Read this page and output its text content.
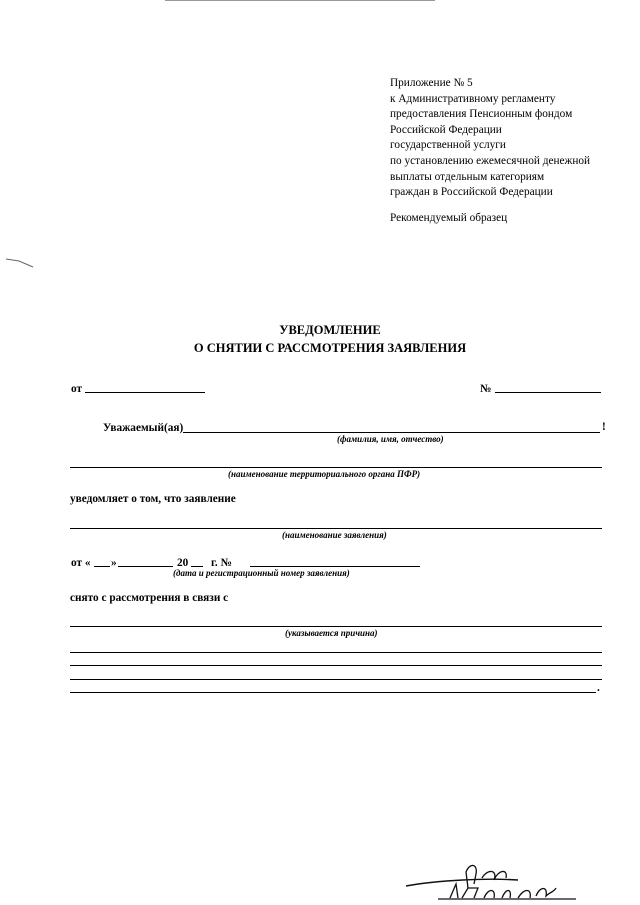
Приложение № 5
к Административному регламенту
предоставления Пенсионным фондом
Российской Федерации
государственной услуги
по установлению ежемесячной денежной
выплаты отдельным категориям
граждан в Российской Федерации
Рекомендуемый образец
УВЕДОМЛЕНИЕ
О СНЯТИИ С РАССМОТРЕНИЯ ЗАЯВЛЕНИЯ
от	№
Уважаемый(ая)	!
(фамилия, имя, отчество)
(наименование территориального органа ПФР)
уведомляет о том, что заявление
(наименование заявления)
от « »	20 г. №
(дата и регистрационный номер заявления)
снято с рассмотрения в связи с
(указывается причина)
.
